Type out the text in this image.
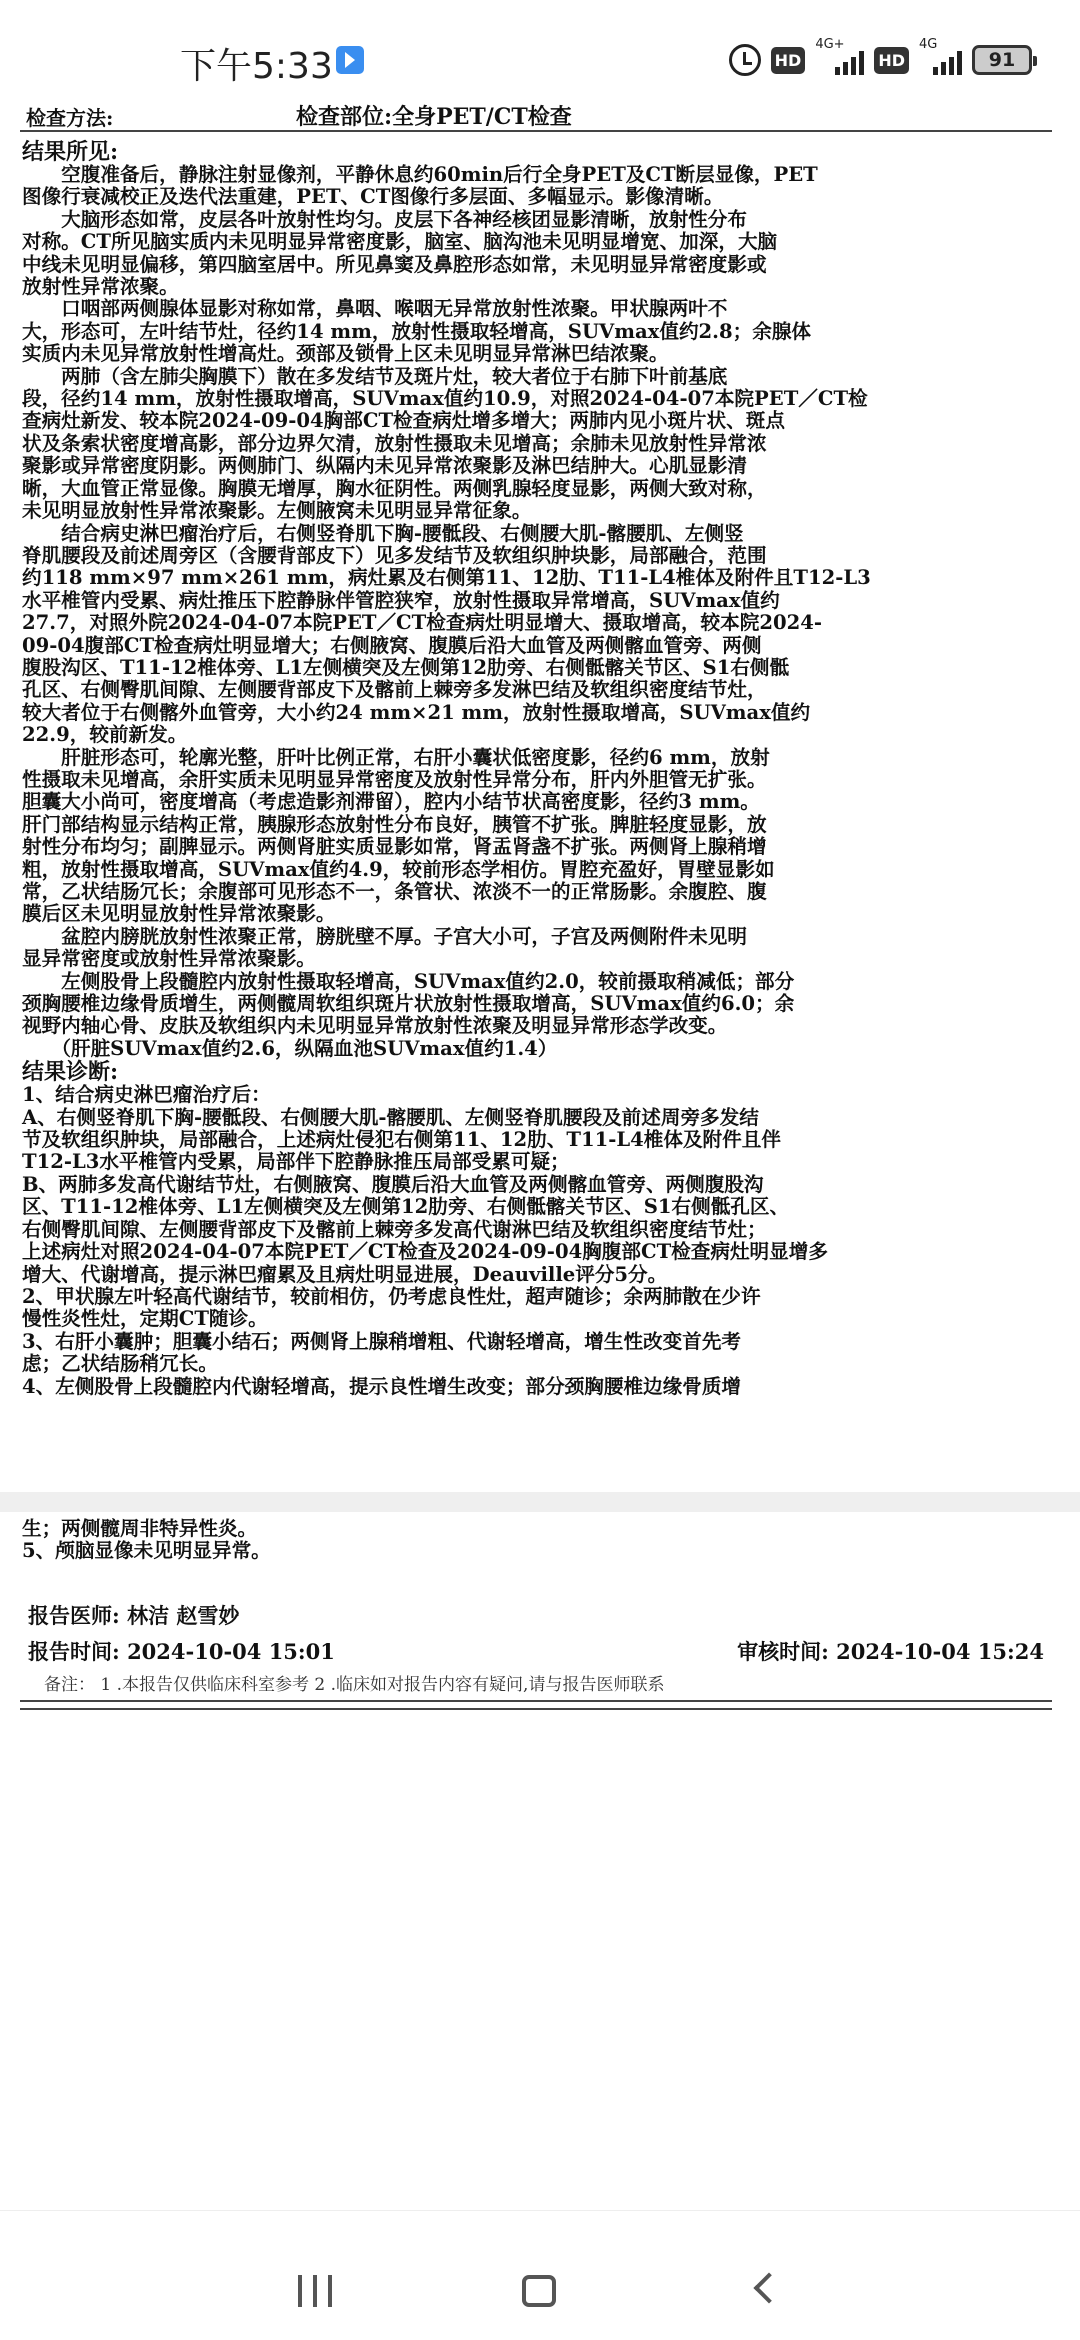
下午5:33	HD
4G+
HD
4G
91
检查方法:	检查部位:全身PET/CT检查
结果所见:
　　空腹准备后，静脉注射显像剂，平静休息约60min后行全身PET及CT断层显像，PET
图像行衰减校正及迭代法重建，PET、CT图像行多层面、多幅显示。影像清晰。
　　大脑形态如常，皮层各叶放射性均匀。皮层下各神经核团显影清晰，放射性分布
对称。CT所见脑实质内未见明显异常密度影，脑室、脑沟池未见明显增宽、加深，大脑
中线未见明显偏移，第四脑室居中。所见鼻窦及鼻腔形态如常，未见明显异常密度影或
放射性异常浓聚。
　　口咽部两侧腺体显影对称如常，鼻咽、喉咽无异常放射性浓聚。甲状腺两叶不
大，形态可，左叶结节灶，径约14 mm，放射性摄取轻增高，SUVmax值约2.8；余腺体
实质内未见异常放射性增高灶。颈部及锁骨上区未见明显异常淋巴结浓聚。
　　两肺（含左肺尖胸膜下）散在多发结节及斑片灶，较大者位于右肺下叶前基底
段，径约14 mm，放射性摄取增高，SUVmax值约10.9，对照2024-04-07本院PET／CT检
查病灶新发、较本院2024-09-04胸部CT检查病灶增多增大；两肺内见小斑片状、斑点
状及条索状密度增高影，部分边界欠清，放射性摄取未见增高；余肺未见放射性异常浓
聚影或异常密度阴影。两侧肺门、纵隔内未见异常浓聚影及淋巴结肿大。心肌显影清
晰，大血管正常显像。胸膜无增厚，胸水征阴性。两侧乳腺轻度显影，两侧大致对称，
未见明显放射性异常浓聚影。左侧腋窝未见明显异常征象。
　　结合病史淋巴瘤治疗后，右侧竖脊肌下胸-腰骶段、右侧腰大肌-髂腰肌、左侧竖
脊肌腰段及前述周旁区（含腰背部皮下）见多发结节及软组织肿块影，局部融合，范围
约118 mm×97 mm×261 mm，病灶累及右侧第11、12肋、T11-L4椎体及附件且T12-L3
水平椎管内受累、病灶推压下腔静脉伴管腔狭窄，放射性摄取异常增高，SUVmax值约
27.7，对照外院2024-04-07本院PET／CT检查病灶明显增大、摄取增高，较本院2024-
09-04腹部CT检查病灶明显增大；右侧腋窝、腹膜后沿大血管及两侧髂血管旁、两侧
腹股沟区、T11-12椎体旁、L1左侧横突及左侧第12肋旁、右侧骶髂关节区、S1右侧骶
孔区、右侧臀肌间隙、左侧腰背部皮下及髂前上棘旁多发淋巴结及软组织密度结节灶，
较大者位于右侧髂外血管旁，大小约24 mm×21 mm，放射性摄取增高，SUVmax值约
22.9，较前新发。
　　肝脏形态可，轮廓光整，肝叶比例正常，右肝小囊状低密度影，径约6 mm，放射
性摄取未见增高，余肝实质未见明显异常密度及放射性异常分布，肝内外胆管无扩张。
胆囊大小尚可，密度增高（考虑造影剂滞留），腔内小结节状高密度影，径约3 mm。
肝门部结构显示结构正常，胰腺形态放射性分布良好，胰管不扩张。脾脏轻度显影，放
射性分布均匀；副脾显示。两侧肾脏实质显影如常，肾盂肾盏不扩张。两侧肾上腺稍增
粗，放射性摄取增高，SUVmax值约4.9，较前形态学相仿。胃腔充盈好，胃壁显影如
常，乙状结肠冗长；余腹部可见形态不一，条管状、浓淡不一的正常肠影。余腹腔、腹
膜后区未见明显放射性异常浓聚影。
　　盆腔内膀胱放射性浓聚正常，膀胱壁不厚。子宫大小可，子宫及两侧附件未见明
显异常密度或放射性异常浓聚影。
　　左侧股骨上段髓腔内放射性摄取轻增高，SUVmax值约2.0，较前摄取稍减低；部分
颈胸腰椎边缘骨质增生，两侧髋周软组织斑片状放射性摄取增高，SUVmax值约6.0；余
视野内轴心骨、皮肤及软组织内未见明显异常放射性浓聚及明显异常形态学改变。
　　（肝脏SUVmax值约2.6，纵隔血池SUVmax值约1.4）
结果诊断:
1、结合病史淋巴瘤治疗后：
A、右侧竖脊肌下胸-腰骶段、右侧腰大肌-髂腰肌、左侧竖脊肌腰段及前述周旁多发结
节及软组织肿块，局部融合，上述病灶侵犯右侧第11、12肋、T11-L4椎体及附件且伴
T12-L3水平椎管内受累，局部伴下腔静脉推压局部受累可疑；
B、两肺多发高代谢结节灶，右侧腋窝、腹膜后沿大血管及两侧髂血管旁、两侧腹股沟
区、T11-12椎体旁、L1左侧横突及左侧第12肋旁、右侧骶髂关节区、S1右侧骶孔区、
右侧臀肌间隙、左侧腰背部皮下及髂前上棘旁多发高代谢淋巴结及软组织密度结节灶；
上述病灶对照2024-04-07本院PET／CT检查及2024-09-04胸腹部CT检查病灶明显增多
增大、代谢增高，提示淋巴瘤累及且病灶明显进展，Deauville评分5分。
2、甲状腺左叶轻高代谢结节，较前相仿，仍考虑良性灶，超声随诊；余两肺散在少许
慢性炎性灶，定期CT随诊。
3、右肝小囊肿；胆囊小结石；两侧肾上腺稍增粗、代谢轻增高，增生性改变首先考
虑；乙状结肠稍冗长。
4、左侧股骨上段髓腔内代谢轻增高，提示良性增生改变；部分颈胸腰椎边缘骨质增
生；两侧髋周非特异性炎。
5、颅脑显像未见明显异常。
报告医师: 林洁 赵雪妙
报告时间: 2024-10-04 15:01	审核时间: 2024-10-04 15:24
备注： 1 .本报告仅供临床科室参考 2 .临床如对报告内容有疑问,请与报告医师联系
